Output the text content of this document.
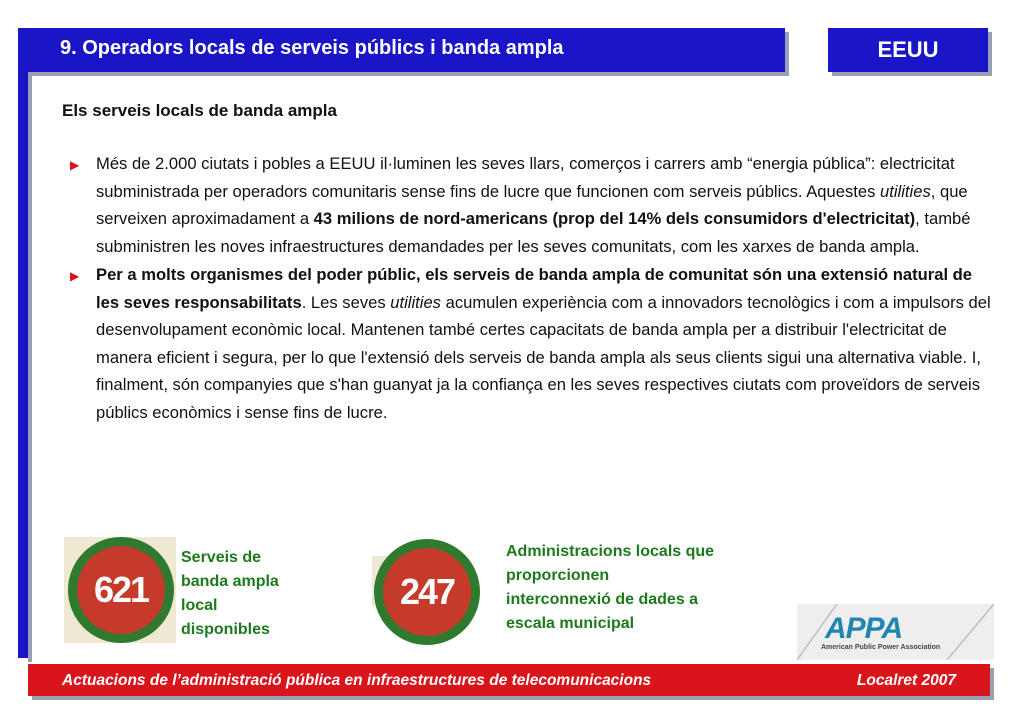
9. Operadors locals de serveis públics i banda ampla	EEUU
Els serveis locals de banda ampla
▶ Més de 2.000 ciutats i pobles a EEUU il·luminen les seves llars, comerços i carrers amb “energia pública”: electricitat subministrada per operadors comunitaris sense fins de lucre que funcionen com serveis públics. Aquestes utilities, que serveixen aproximadament a 43 milions de nord-americans (prop del 14% dels consumidors d'electricitat), també subministren les noves infraestructures demandades per les seves comunitats, com les xarxes de banda ampla.
▶ Per a molts organismes del poder públic, els serveis de banda ampla de comunitat són una extensió natural de les seves responsabilitats. Les seves utilities acumulen experiència com a innovadors tecnològics i com a impulsors del desenvolupament econòmic local. Mantenen també certes capacitats de banda ampla per a distribuir l'electricitat de manera eficient i segura, per lo que l'extensió dels serveis de banda ampla als seus clients sigui una alternativa viable. I, finalment, són companyies que s'han guanyat ja la confiança en les seves respectives ciutats com proveïdors de serveis públics econòmics i sense fins de lucre.
621
Serveis de
banda ampla
local
disponibles
247
Administracions locals que
proporcionen
interconnexió de dades a
escala municipal	APPA
American Public Power Association
Actuacions de l’administració pública en infraestructures de telecomunicacions	Localret 2007
